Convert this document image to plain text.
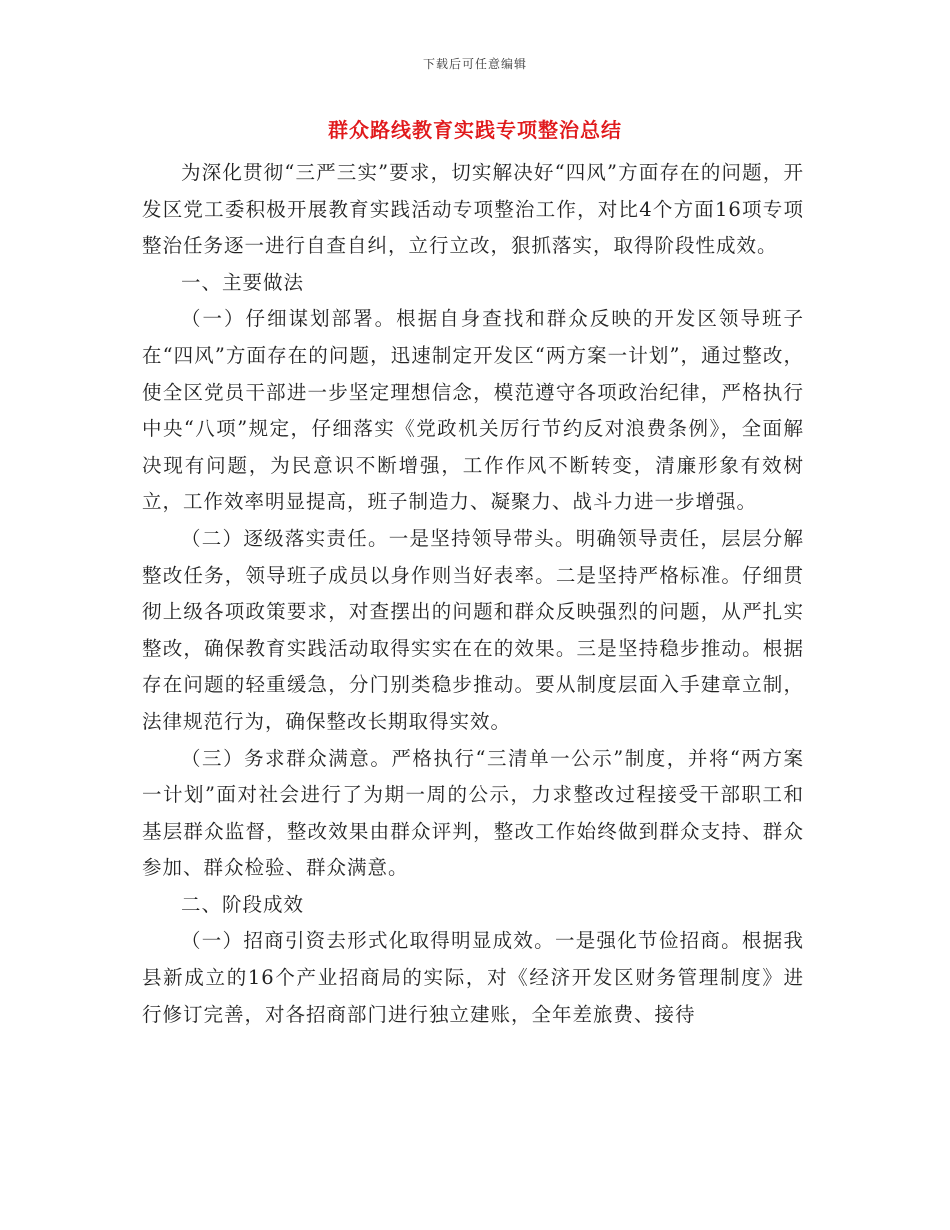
下载后可任意编辑
群众路线教育实践专项整治总结

为深化贯彻“三严三实”要求，切实解决好“四风”方面存在的问题，开发区党工委积极开展教育实践活动专项整治工作，对比4个方面16项专项整治任务逐一进行自查自纠，立行立改，狠抓落实，取得阶段性成效。

一、主要做法

（一）仔细谋划部署。根据自身查找和群众反映的开发区领导班子在“四风”方面存在的问题，迅速制定开发区“两方案一计划”，通过整改，使全区党员干部进一步坚定理想信念，模范遵守各项政治纪律，严格执行中央“八项”规定，仔细落实《党政机关厉行节约反对浪费条例》，全面解决现有问题，为民意识不断增强，工作作风不断转变，清廉形象有效树立，工作效率明显提高，班子制造力、凝聚力、战斗力进一步增强。

（二）逐级落实责任。一是坚持领导带头。明确领导责任，层层分解整改任务，领导班子成员以身作则当好表率。二是坚持严格标准。仔细贯彻上级各项政策要求，对查摆出的问题和群众反映强烈的问题，从严扎实整改，确保教育实践活动取得实实在在的效果。三是坚持稳步推动。根据存在问题的轻重缓急，分门别类稳步推动。要从制度层面入手建章立制，法律规范行为，确保整改长期取得实效。

（三）务求群众满意。严格执行“三清单一公示”制度，并将“两方案一计划”面对社会进行了为期一周的公示，力求整改过程接受干部职工和基层群众监督，整改效果由群众评判，整改工作始终做到群众支持、群众参加、群众检验、群众满意。

二、阶段成效

（一）招商引资去形式化取得明显成效。一是强化节俭招商。根据我县新成立的16个产业招商局的实际，对《经济开发区财务管理制度》进行修订完善，对各招商部门进行独立建账，全年差旅费、接待
